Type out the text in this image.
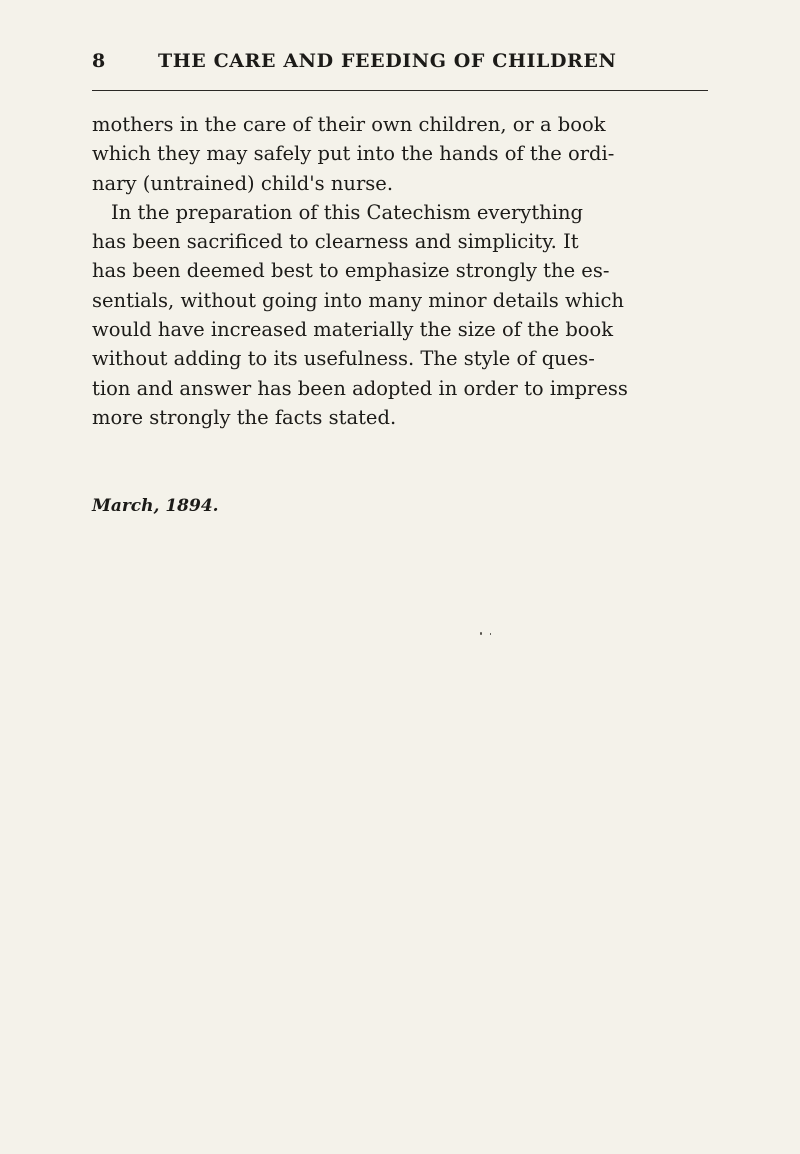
8	THE CARE AND FEEDING OF CHILDREN
mothers in the care of their own children, or a book
which they may safely put into the hands of the ordi-
nary (untrained) child's nurse.
In the preparation of this Catechism everything
has been sacrificed to clearness and simplicity. It
has been deemed best to emphasize strongly the es-
sentials, without going into many minor details which
would have increased materially the size of the book
without adding to its usefulness. The style of ques-
tion and answer has been adopted in order to impress
more strongly the facts stated.
March, 1894.
